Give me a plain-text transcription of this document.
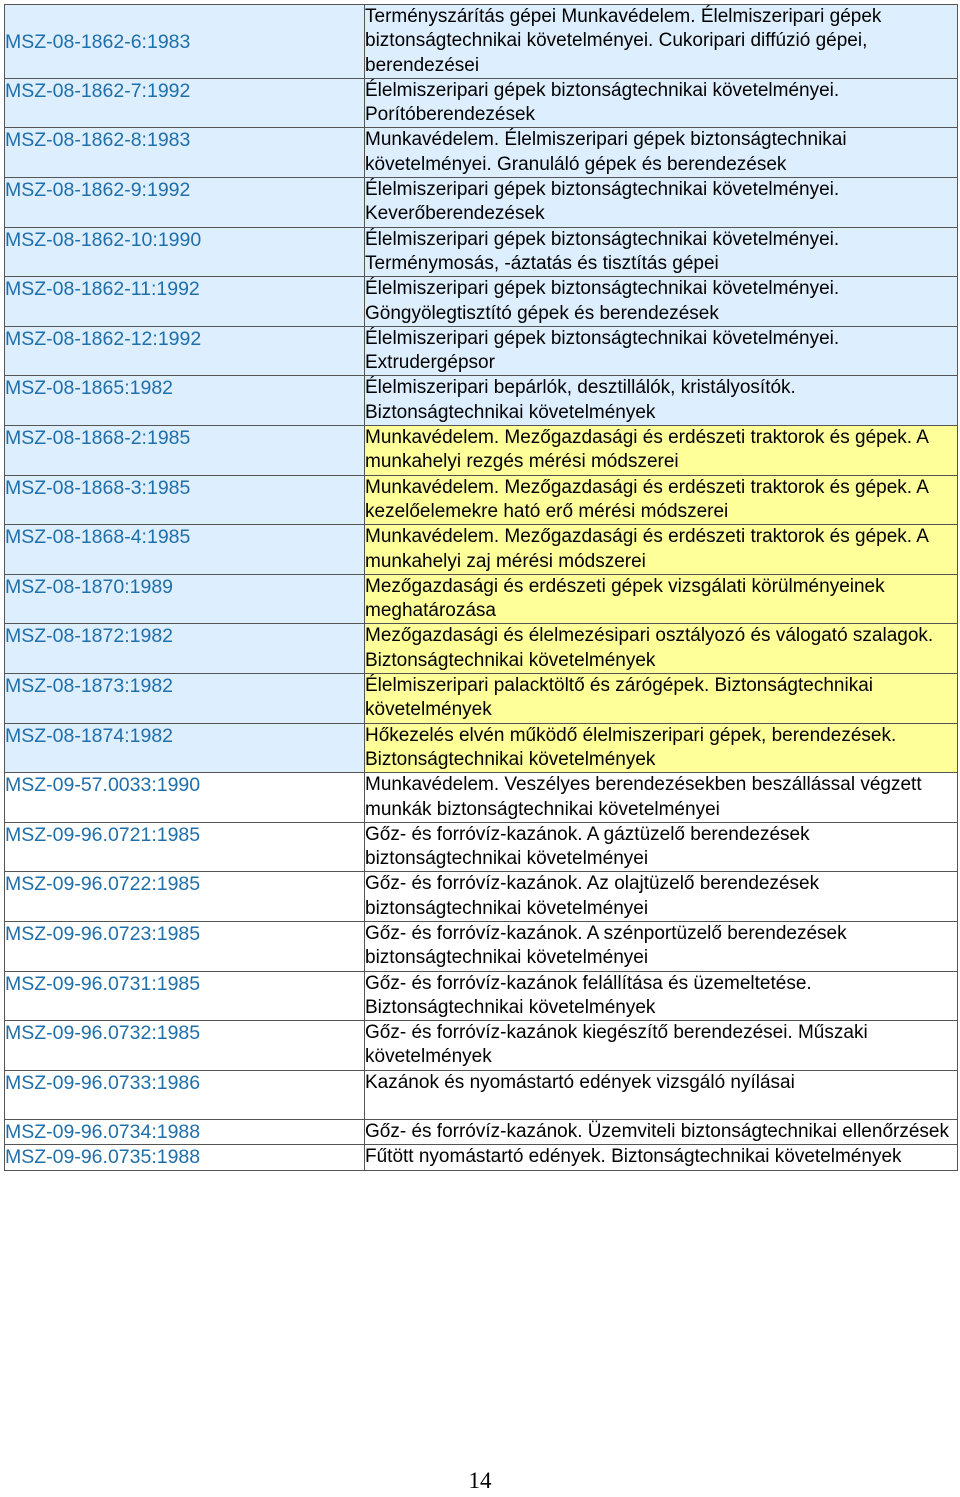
MSZ-08-1862-6:1983	Terményszárítás gépei Munkavédelem. Élelmiszeripari gépek biztonságtechnikai követelményei. Cukoripari diffúzió gépei, berendezései
MSZ-08-1862-7:1992	Élelmiszeripari gépek biztonságtechnikai követelményei. Porítóberendezések
MSZ-08-1862-8:1983	Munkavédelem. Élelmiszeripari gépek biztonságtechnikai követelményei. Granuláló gépek és berendezések
MSZ-08-1862-9:1992	Élelmiszeripari gépek biztonságtechnikai követelményei. Keverőberendezések
MSZ-08-1862-10:1990	Élelmiszeripari gépek biztonságtechnikai követelményei. Terménymosás, -áztatás és tisztítás gépei
MSZ-08-1862-11:1992	Élelmiszeripari gépek biztonságtechnikai követelményei. Göngyölegtisztító gépek és berendezések
MSZ-08-1862-12:1992	Élelmiszeripari gépek biztonságtechnikai követelményei. Extrudergépsor
MSZ-08-1865:1982	Élelmiszeripari bepárlók, desztillálók, kristályosítók. Biztonságtechnikai követelmények
MSZ-08-1868-2:1985	Munkavédelem. Mezőgazdasági és erdészeti traktorok és gépek. A munkahelyi rezgés mérési módszerei
MSZ-08-1868-3:1985	Munkavédelem. Mezőgazdasági és erdészeti traktorok és gépek. A kezelőelemekre ható erő mérési módszerei
MSZ-08-1868-4:1985	Munkavédelem. Mezőgazdasági és erdészeti traktorok és gépek. A munkahelyi zaj mérési módszerei
MSZ-08-1870:1989	Mezőgazdasági és erdészeti gépek vizsgálati körülményeinek meghatározása
MSZ-08-1872:1982	Mezőgazdasági és élelmezésipari osztályozó és válogató szalagok. Biztonságtechnikai követelmények
MSZ-08-1873:1982	Élelmiszeripari palacktöltő és zárógépek. Biztonságtechnikai követelmények
MSZ-08-1874:1982	Hőkezelés elvén működő élelmiszeripari gépek, berendezések. Biztonságtechnikai követelmények
MSZ-09-57.0033:1990	Munkavédelem. Veszélyes berendezésekben beszállással végzett munkák biztonságtechnikai követelményei
MSZ-09-96.0721:1985	Gőz- és forróvíz-kazánok. A gáztüzelő berendezések biztonságtechnikai követelményei
MSZ-09-96.0722:1985	Gőz- és forróvíz-kazánok. Az olajtüzelő berendezések biztonságtechnikai követelményei
MSZ-09-96.0723:1985	Gőz- és forróvíz-kazánok. A szénportüzelő berendezések biztonságtechnikai követelményei
MSZ-09-96.0731:1985	Gőz- és forróvíz-kazánok felállítása és üzemeltetése. Biztonságtechnikai követelmények
MSZ-09-96.0732:1985	Gőz- és forróvíz-kazánok kiegészítő berendezései. Műszaki követelmények
MSZ-09-96.0733:1986	Kazánok és nyomástartó edények vizsgáló nyílásai
MSZ-09-96.0734:1988	Gőz- és forróvíz-kazánok. Üzemviteli biztonságtechnikai ellenőrzések
MSZ-09-96.0735:1988	Fűtött nyomástartó edények. Biztonságtechnikai követelmények
14
